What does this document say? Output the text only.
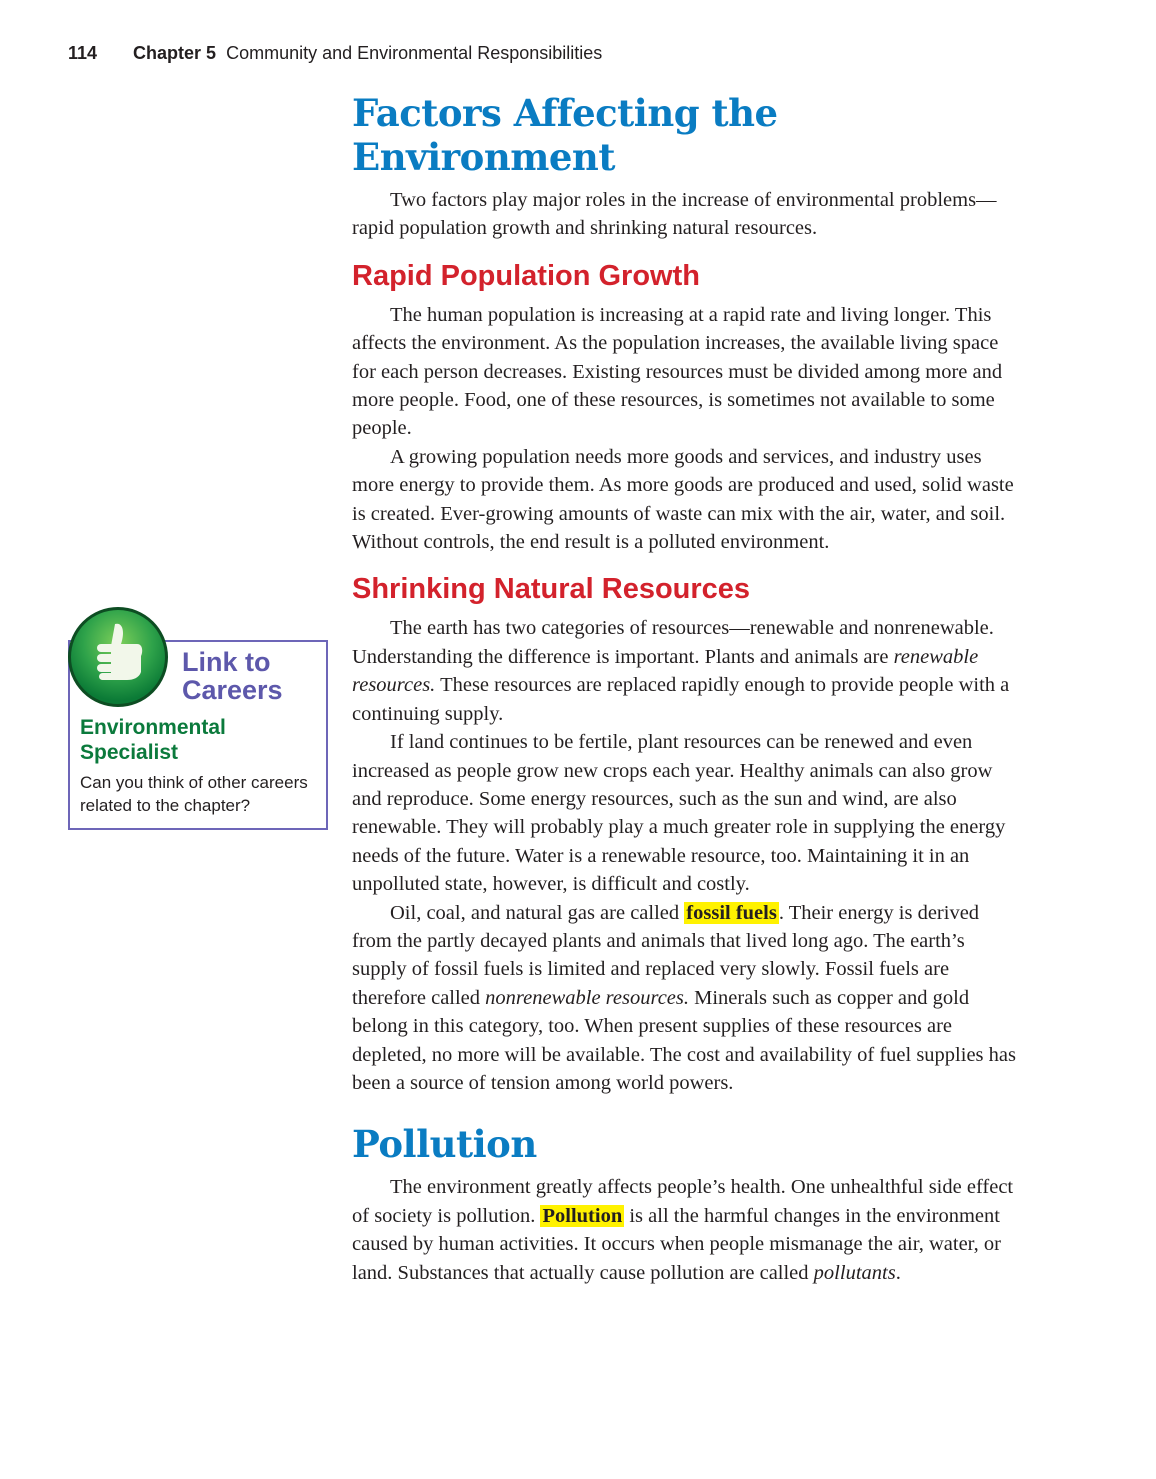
114 Chapter 5 Community and Environmental Responsibilities
Factors Affecting the Environment

Two factors play major roles in the increase of environmental problems—rapid population growth and shrinking natural resources.

Rapid Population Growth

The human population is increasing at a rapid rate and living longer. This affects the environment. As the population increases, the available living space for each person decreases. Existing resources must be divided among more and more people. Food, one of these resources, is sometimes not available to some people.

A growing population needs more goods and services, and industry uses more energy to provide them. As more goods are produced and used, solid waste is created. Ever-growing amounts of waste can mix with the air, water, and soil. Without controls, the end result is a polluted environment.

Shrinking Natural Resources

The earth has two categories of resources—renewable and nonrenewable. Understanding the difference is important. Plants and animals are renewable resources. These resources are replaced rapidly enough to provide people with a continuing supply.

If land continues to be fertile, plant resources can be renewed and even increased as people grow new crops each year. Healthy animals can also grow and reproduce. Some energy resources, such as the sun and wind, are also renewable. They will probably play a much greater role in supplying the energy needs of the future. Water is a renewable resource, too. Maintaining it in an unpolluted state, however, is difficult and costly.

Oil, coal, and natural gas are called fossil fuels. Their energy is derived from the partly decayed plants and animals that lived long ago. The earth’s supply of fossil fuels is limited and replaced very slowly. Fossil fuels are therefore called nonrenewable resources. Minerals such as copper and gold belong in this category, too. When present supplies of these resources are depleted, no more will be available. The cost and availability of fuel supplies has been a source of tension among world powers.

Pollution

The environment greatly affects people’s health. One unhealthful side effect of society is pollution. Pollution is all the harmful changes in the environment caused by human activities. It occurs when people mismanage the air, water, or land. Substances that actually cause pollution are called pollutants.

Link to
Careers
Environmental
Specialist
Can you think of other careers related to the chapter?
